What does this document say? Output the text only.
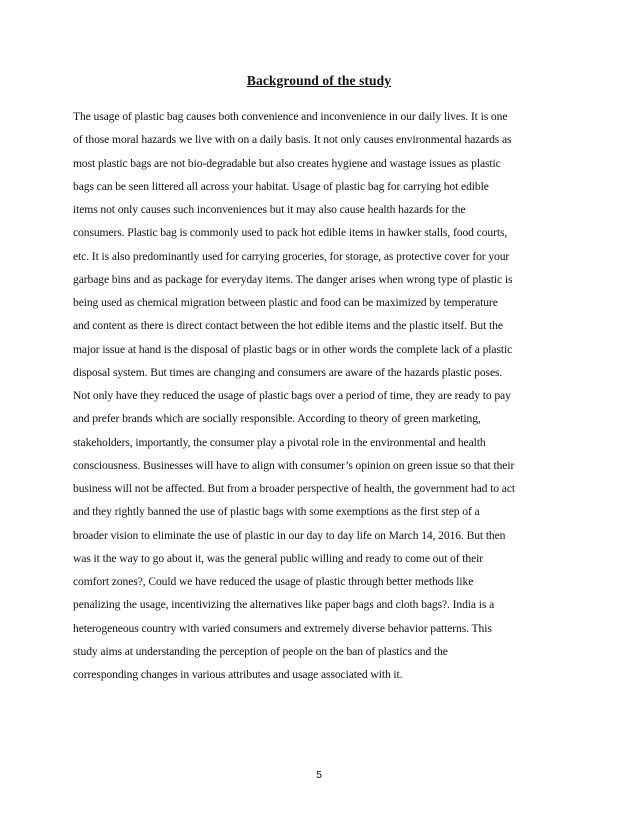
Background of the study
The usage of plastic bag causes both convenience and inconvenience in our daily lives. It is one
of those moral hazards we live with on a daily basis. It not only causes environmental hazards as
most plastic bags are not bio-degradable but also creates hygiene and wastage issues as plastic
bags can be seen littered all across your habitat. Usage of plastic bag for carrying hot edible
items not only causes such inconveniences but it may also cause health hazards for the
consumers. Plastic bag is commonly used to pack hot edible items in hawker stalls, food courts,
etc. It is also predominantly used for carrying groceries, for storage, as protective cover for your
garbage bins and as package for everyday items. The danger arises when wrong type of plastic is
being used as chemical migration between plastic and food can be maximized by temperature
and content as there is direct contact between the hot edible items and the plastic itself. But the
major issue at hand is the disposal of plastic bags or in other words the complete lack of a plastic
disposal system. But times are changing and consumers are aware of the hazards plastic poses.
Not only have they reduced the usage of plastic bags over a period of time, they are ready to pay
and prefer brands which are socially responsible. According to theory of green marketing,
stakeholders, importantly, the consumer play a pivotal role in the environmental and health
consciousness. Businesses will have to align with consumer’s opinion on green issue so that their
business will not be affected. But from a broader perspective of health, the government had to act
and they rightly banned the use of plastic bags with some exemptions as the first step of a
broader vision to eliminate the use of plastic in our day to day life on March 14, 2016. But then
was it the way to go about it, was the general public willing and ready to come out of their
comfort zones?, Could we have reduced the usage of plastic through better methods like
penalizing the usage, incentivizing the alternatives like paper bags and cloth bags?. India is a
heterogeneous country with varied consumers and extremely diverse behavior patterns. This
study aims at understanding the perception of people on the ban of plastics and the
corresponding changes in various attributes and usage associated with it.
5
